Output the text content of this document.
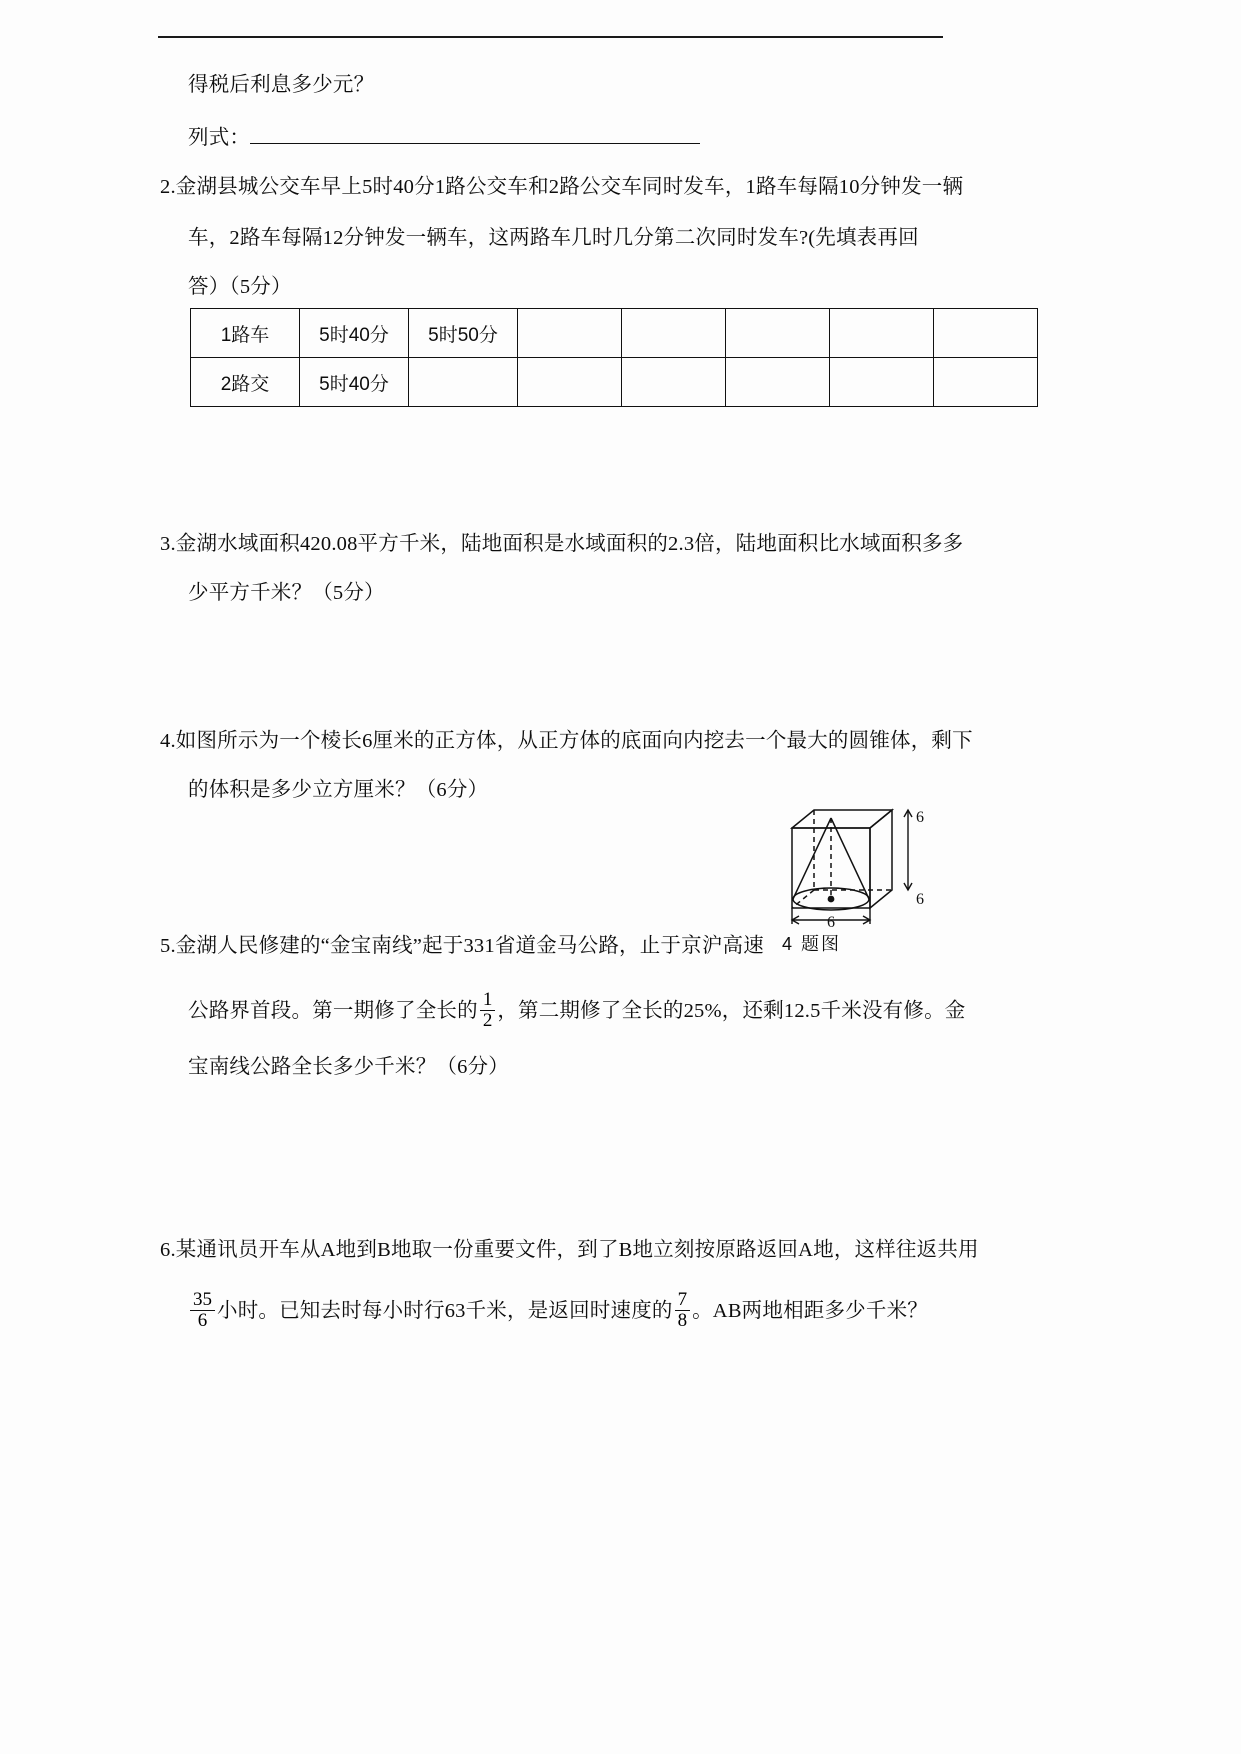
得税后利息多少元？
列式：
2.金湖县城公交车早上5时40分1路公交车和2路公交车同时发车，1路车每隔10分钟发一辆
车，2路车每隔12分钟发一辆车，这两路车几时几分第二次同时发车?(先填表再回
答）（5分）
1路车	5时40分	5时50分					
2路交	5时40分						
3.金湖水域面积420.08平方千米，陆地面积是水域面积的2.3倍，陆地面积比水域面积多多
少平方千米？（5分）
4.如图所示为一个棱长6厘米的正方体，从正方体的底面向内挖去一个最大的圆锥体，剩下
的体积是多少立方厘米？（6分）
6
6
6
4 题图
5.金湖人民修建的“金宝南线”起于331省道金马公路，止于京沪高速
公路界首段。第一期修了全长的 $\frac{1}{2}$ ，第二期修了全长的25%，还剩12.5千米没有修。金
宝南线公路全长多少千米？（6分）
6.某通讯员开车从A地到B地取一份重要文件，到了B地立刻按原路返回A地，这样往返共用
$\frac{35}{6}$ 小时。已知去时每小时行63千米，是返回时速度的 $\frac{7}{8}$ 。AB两地相距多少千米？
